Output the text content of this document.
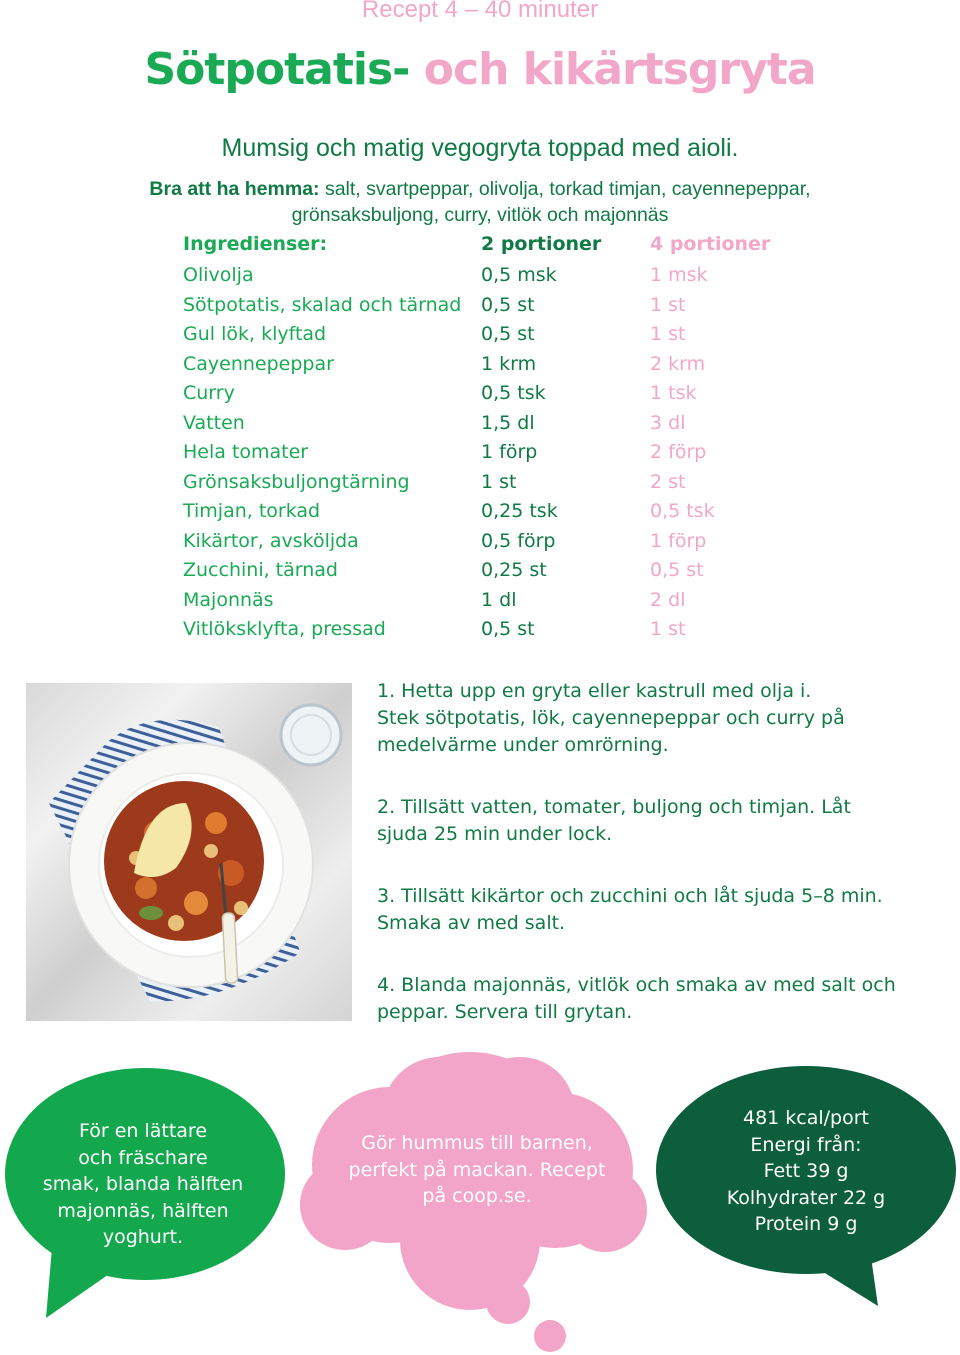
Recept 4 – 40 minuter
Sötpotatis- och kikärtsgryta
Mumsig och matig vegogryta toppad med aioli.
Bra att ha hemma: salt, svartpeppar, olivolja, torkad timjan, cayennepeppar,
grönsaksbuljong, curry, vitlök och majonnäs
Ingredienser:	2 portioner	4 portioner
Olivolja	0,5 msk	1 msk
Sötpotatis, skalad och tärnad 0,5 st	1 st
Gul lök, klyftad	0,5 st	1 st
Cayennepeppar	1 krm	2 krm
Curry	0,5 tsk	1 tsk
Vatten	1,5 dl	3 dl
Hela tomater	1 förp	2 förp
Grönsaksbuljongtärning	1 st	2 st
Timjan, torkad	0,25 tsk	0,5 tsk
Kikärtor, avsköljda	0,5 förp	1 förp
Zucchini, tärnad	0,25 st	0,5 st
Majonnäs	1 dl	2 dl
Vitlöksklyfta, pressad	0,5 st	1 st
1. Hetta upp en gryta eller kastrull med olja i.
Stek sötpotatis, lök, cayennepeppar och curry på
medelvärme under omrörning.
2. Tillsätt vatten, tomater, buljong och timjan. Låt
sjuda 25 min under lock.
3. Tillsätt kikärtor och zucchini och låt sjuda 5–8 min.
Smaka av med salt.
4. Blanda majonnäs, vitlök och smaka av med salt och
peppar. Servera till grytan.
För en lättare
och fräschare
smak, blanda hälften
majonnäs, hälften
yoghurt.
Gör hummus till barnen,
perfekt på mackan. Recept
på coop.se.
481 kcal/port
Energi från:
Fett 39 g
Kolhydrater 22 g
Protein 9 g
